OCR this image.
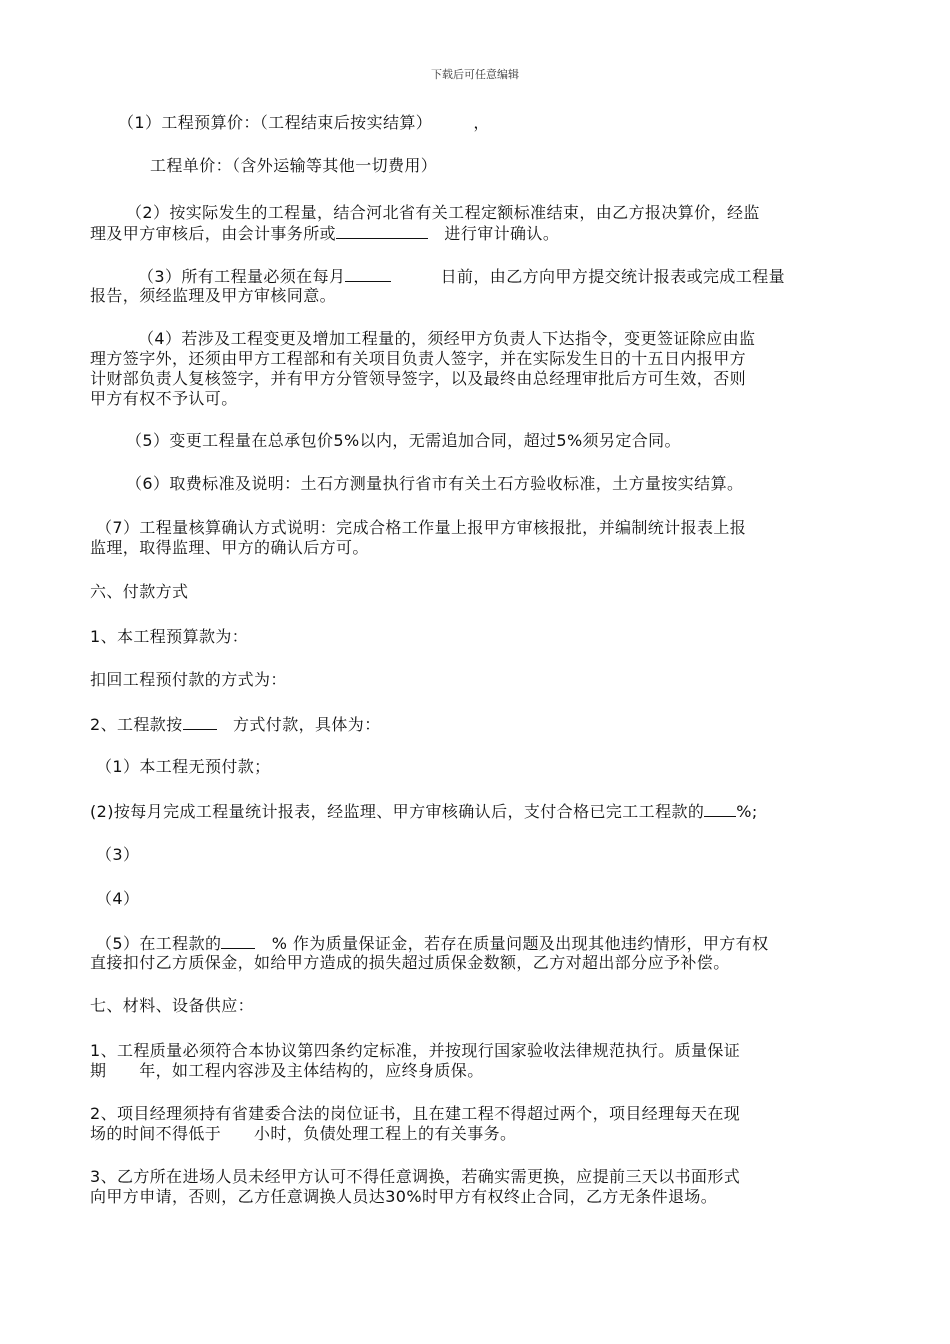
下载后可任意编辑
（1）工程预算价：（工程结束后按实结算）　　　，
工程单价：（含外运输等其他一切费用）
（2）按实际发生的工程量，结合河北省有关工程定额标准结束，由乙方报决算价，经监
理及甲方审核后，由会计事务所或　	进行审计确认。
（3）所有工程量必须在每月　　　	日前，由乙方向甲方提交统计报表或完成工程量
报告，须经监理及甲方审核同意。
（4）若涉及工程变更及增加工程量的，须经甲方负责人下达指令，变更签证除应由监
理方签字外，还须由甲方工程部和有关项目负责人签字，并在实际发生日的十五日内报甲方
计财部负责人复核签字，并有甲方分管领导签字，以及最终由总经理审批后方可生效，否则
甲方有权不予认可。
（5）变更工程量在总承包价5%以内，无需追加合同，超过5%须另定合同。
（6）取费标准及说明：土石方测量执行省市有关土石方验收标准，土方量按实结算。
（7）工程量核算确认方式说明：完成合格工作量上报甲方审核报批，并编制统计报表上报
监理，取得监理、甲方的确认后方可。
六、付款方式
1、本工程预算款为：
扣回工程预付款的方式为：
2、工程款按　	方式付款，具体为：
（1）本工程无预付款；
(2)按每月完成工程量统计报表，经监理、甲方审核确认后，支付合格已完工工程款的 %;
（3）
（4）
（5）在工程款的　	% 作为质量保证金，若存在质量问题及出现其他违约情形，甲方有权
直接扣付乙方质保金，如给甲方造成的损失超过质保金数额，乙方对超出部分应予补偿。
七、材料、设备供应：
1、工程质量必须符合本协议第四条约定标准，并按现行国家验收法律规范执行。质量保证
期　　年，如工程内容涉及主体结构的，应终身质保。
2、项目经理须持有省建委合法的岗位证书，且在建工程不得超过两个，项目经理每天在现
场的时间不得低于　　小时，负债处理工程上的有关事务。
3、乙方所在进场人员未经甲方认可不得任意调换，若确实需更换，应提前三天以书面形式
向甲方申请，否则，乙方任意调换人员达30%时甲方有权终止合同，乙方无条件退场。
